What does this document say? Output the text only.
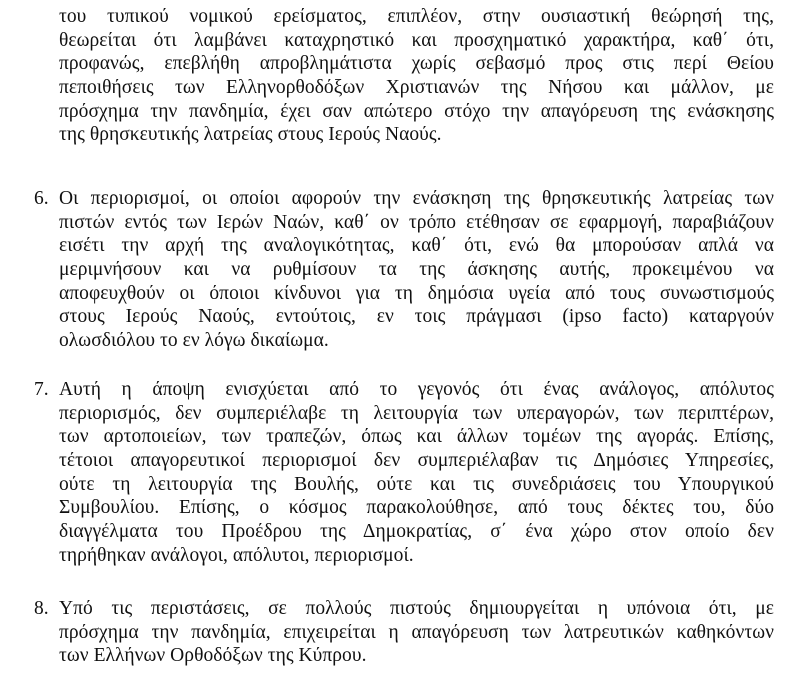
του τυπικού νομικού ερείσματος, επιπλέον, στην ουσιαστική θεώρησή της,
θεωρείται ότι λαμβάνει καταχρηστικό και προσχηματικό χαρακτήρα, καθ΄ ότι,
προφανώς, επεβλήθη απροβλημάτιστα χωρίς σεβασμό προς στις περί Θείου
πεποιθήσεις των Ελληνορθοδόξων Χριστιανών της Νήσου και μάλλον, με
πρόσχημα την πανδημία, έχει σαν απώτερο στόχο την απαγόρευση της ενάσκησης
της θρησκευτικής λατρείας στους Ιερούς Ναούς.
6. Οι περιορισμοί, οι οποίοι αφορούν την ενάσκηση της θρησκευτικής λατρείας των
πιστών εντός των Ιερών Ναών, καθ΄ ον τρόπο ετέθησαν σε εφαρμογή, παραβιάζουν
εισέτι την αρχή της αναλογικότητας, καθ΄ ότι, ενώ θα μπορούσαν απλά να
μεριμνήσουν και να ρυθμίσουν τα της άσκησης αυτής, προκειμένου να
αποφευχθούν οι όποιοι κίνδυνοι για τη δημόσια υγεία από τους συνωστισμούς
στους Ιερούς Ναούς, εντούτοις, εν τοις πράγμασι (ipso facto) καταργούν
ολωσδιόλου το εν λόγω δικαίωμα.
7. Αυτή η άποψη ενισχύεται από το γεγονός ότι ένας ανάλογος, απόλυτος
περιορισμός, δεν συμπεριέλαβε τη λειτουργία των υπεραγορών, των περιπτέρων,
των αρτοποιείων, των τραπεζών, όπως και άλλων τομέων της αγοράς. Επίσης,
τέτοιοι απαγορευτικοί περιορισμοί δεν συμπεριέλαβαν τις Δημόσιες Υπηρεσίες,
ούτε τη λειτουργία της Βουλής, ούτε και τις συνεδριάσεις του Υπουργικού
Συμβουλίου. Επίσης, ο κόσμος παρακολούθησε, από τους δέκτες του, δύο
διαγγέλματα του Προέδρου της Δημοκρατίας, σ΄ ένα χώρο στον οποίο δεν
τηρήθηκαν ανάλογοι, απόλυτοι, περιορισμοί.
8. Υπό τις περιστάσεις, σε πολλούς πιστούς δημιουργείται η υπόνοια ότι, με
πρόσχημα την πανδημία, επιχειρείται η απαγόρευση των λατρευτικών καθηκόντων
των Ελλήνων Ορθοδόξων της Κύπρου.
